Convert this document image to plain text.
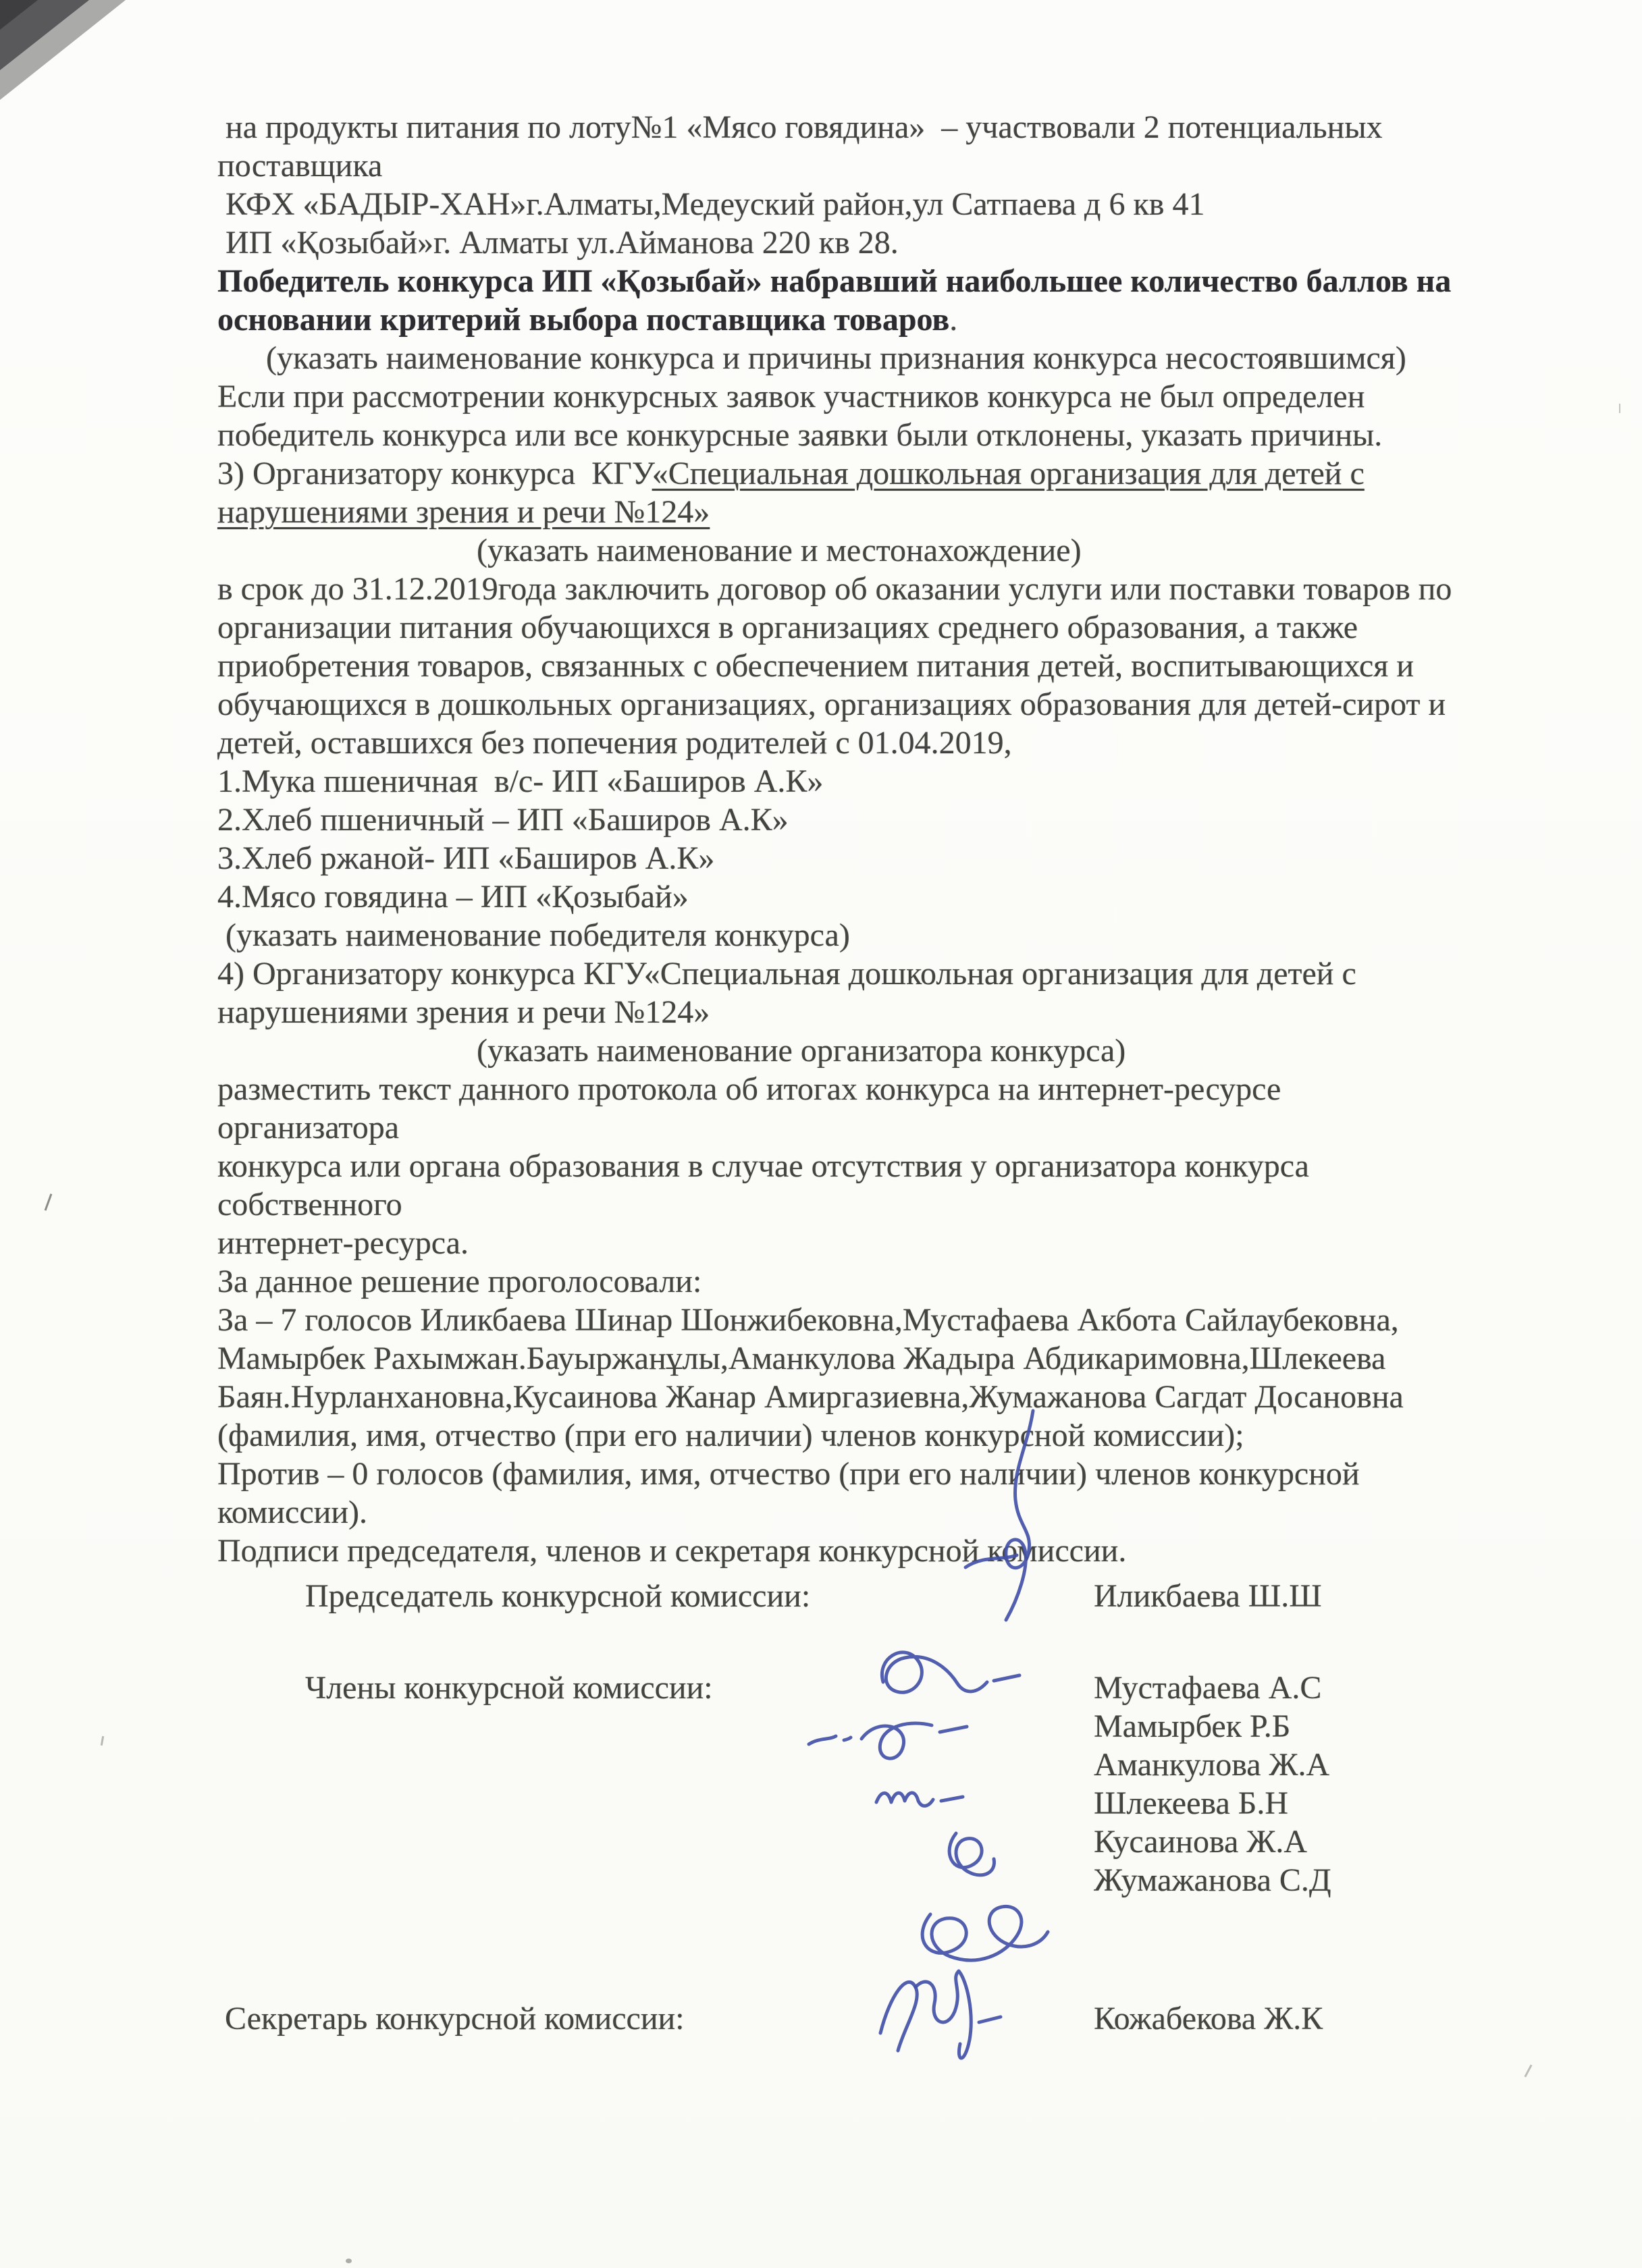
на продукты питания по лоту№1 «Мясо говядина»  – участвовали 2 потенциальных
поставщика
КФХ «БАДЫР-ХАН»г.Алматы,Медеуский район,ул Сатпаева д 6 кв 41
ИП «Қозыбай»г. Алматы ул.Айманова 220 кв 28.
Победитель конкурса ИП «Қозыбай» набравший наибольшее количество баллов на
основании критерий выбора поставщика товаров.
(указать наименование конкурса и причины признания конкурса несостоявшимся)
Если при рассмотрении конкурсных заявок участников конкурса не был определен
победитель конкурса или все конкурсные заявки были отклонены, указать причины.
3) Организатору конкурса  КГУ«Специальная дошкольная организация для детей с
нарушениями зрения и речи №124»
(указать наименование и местонахождение)
в срок до 31.12.2019года заключить договор об оказании услуги или поставки товаров по
организации питания обучающихся в организациях среднего образования, а также
приобретения товаров, связанных с обеспечением питания детей, воспитывающихся и
обучающихся в дошкольных организациях, организациях образования для детей-сирот и
детей, оставшихся без попечения родителей с 01.04.2019,
1.Мука пшеничная  в/с- ИП «Баширов А.К»
2.Хлеб пшеничный – ИП «Баширов А.К»
3.Хлеб ржаной- ИП «Баширов А.К»
4.Мясо говядина – ИП «Қозыбай»
(указать наименование победителя конкурса)
4) Организатору конкурса КГУ«Специальная дошкольная организация для детей с
нарушениями зрения и речи №124»
(указать наименование организатора конкурса)
разместить текст данного протокола об итогах конкурса на интернет-ресурсе
организатора
конкурса или органа образования в случае отсутствия у организатора конкурса
собственного
интернет-ресурса.
За данное решение проголосовали:
За – 7 голосов Иликбаева Шинар Шонжибековна,Мустафаева Акбота Сайлаубековна,
Мамырбек Рахымжан.Бауыржанұлы,Аманкулова Жадыра Абдикаримовна,Шлекеева
Баян.Нурланхановна,Кусаинова Жанар Амиргазиевна,Жумажанова Сагдат Досановна
(фамилия, имя, отчество (при его наличии) членов конкурсной комиссии);
Против – 0 голосов (фамилия, имя, отчество (при его наличии) членов конкурсной
комиссии).
Подписи председателя, членов и секретаря конкурсной комиссии.
Председатель конкурсной комиссии:	Иликбаева Ш.Ш
Члены конкурсной комиссии:	Мустафаева А.С
Мамырбек Р.Б
Аманкулова Ж.А
Шлекеева Б.Н
Кусаинова Ж.А
Жумажанова С.Д
Секретарь конкурсной комиссии:	Кожабекова Ж.К
